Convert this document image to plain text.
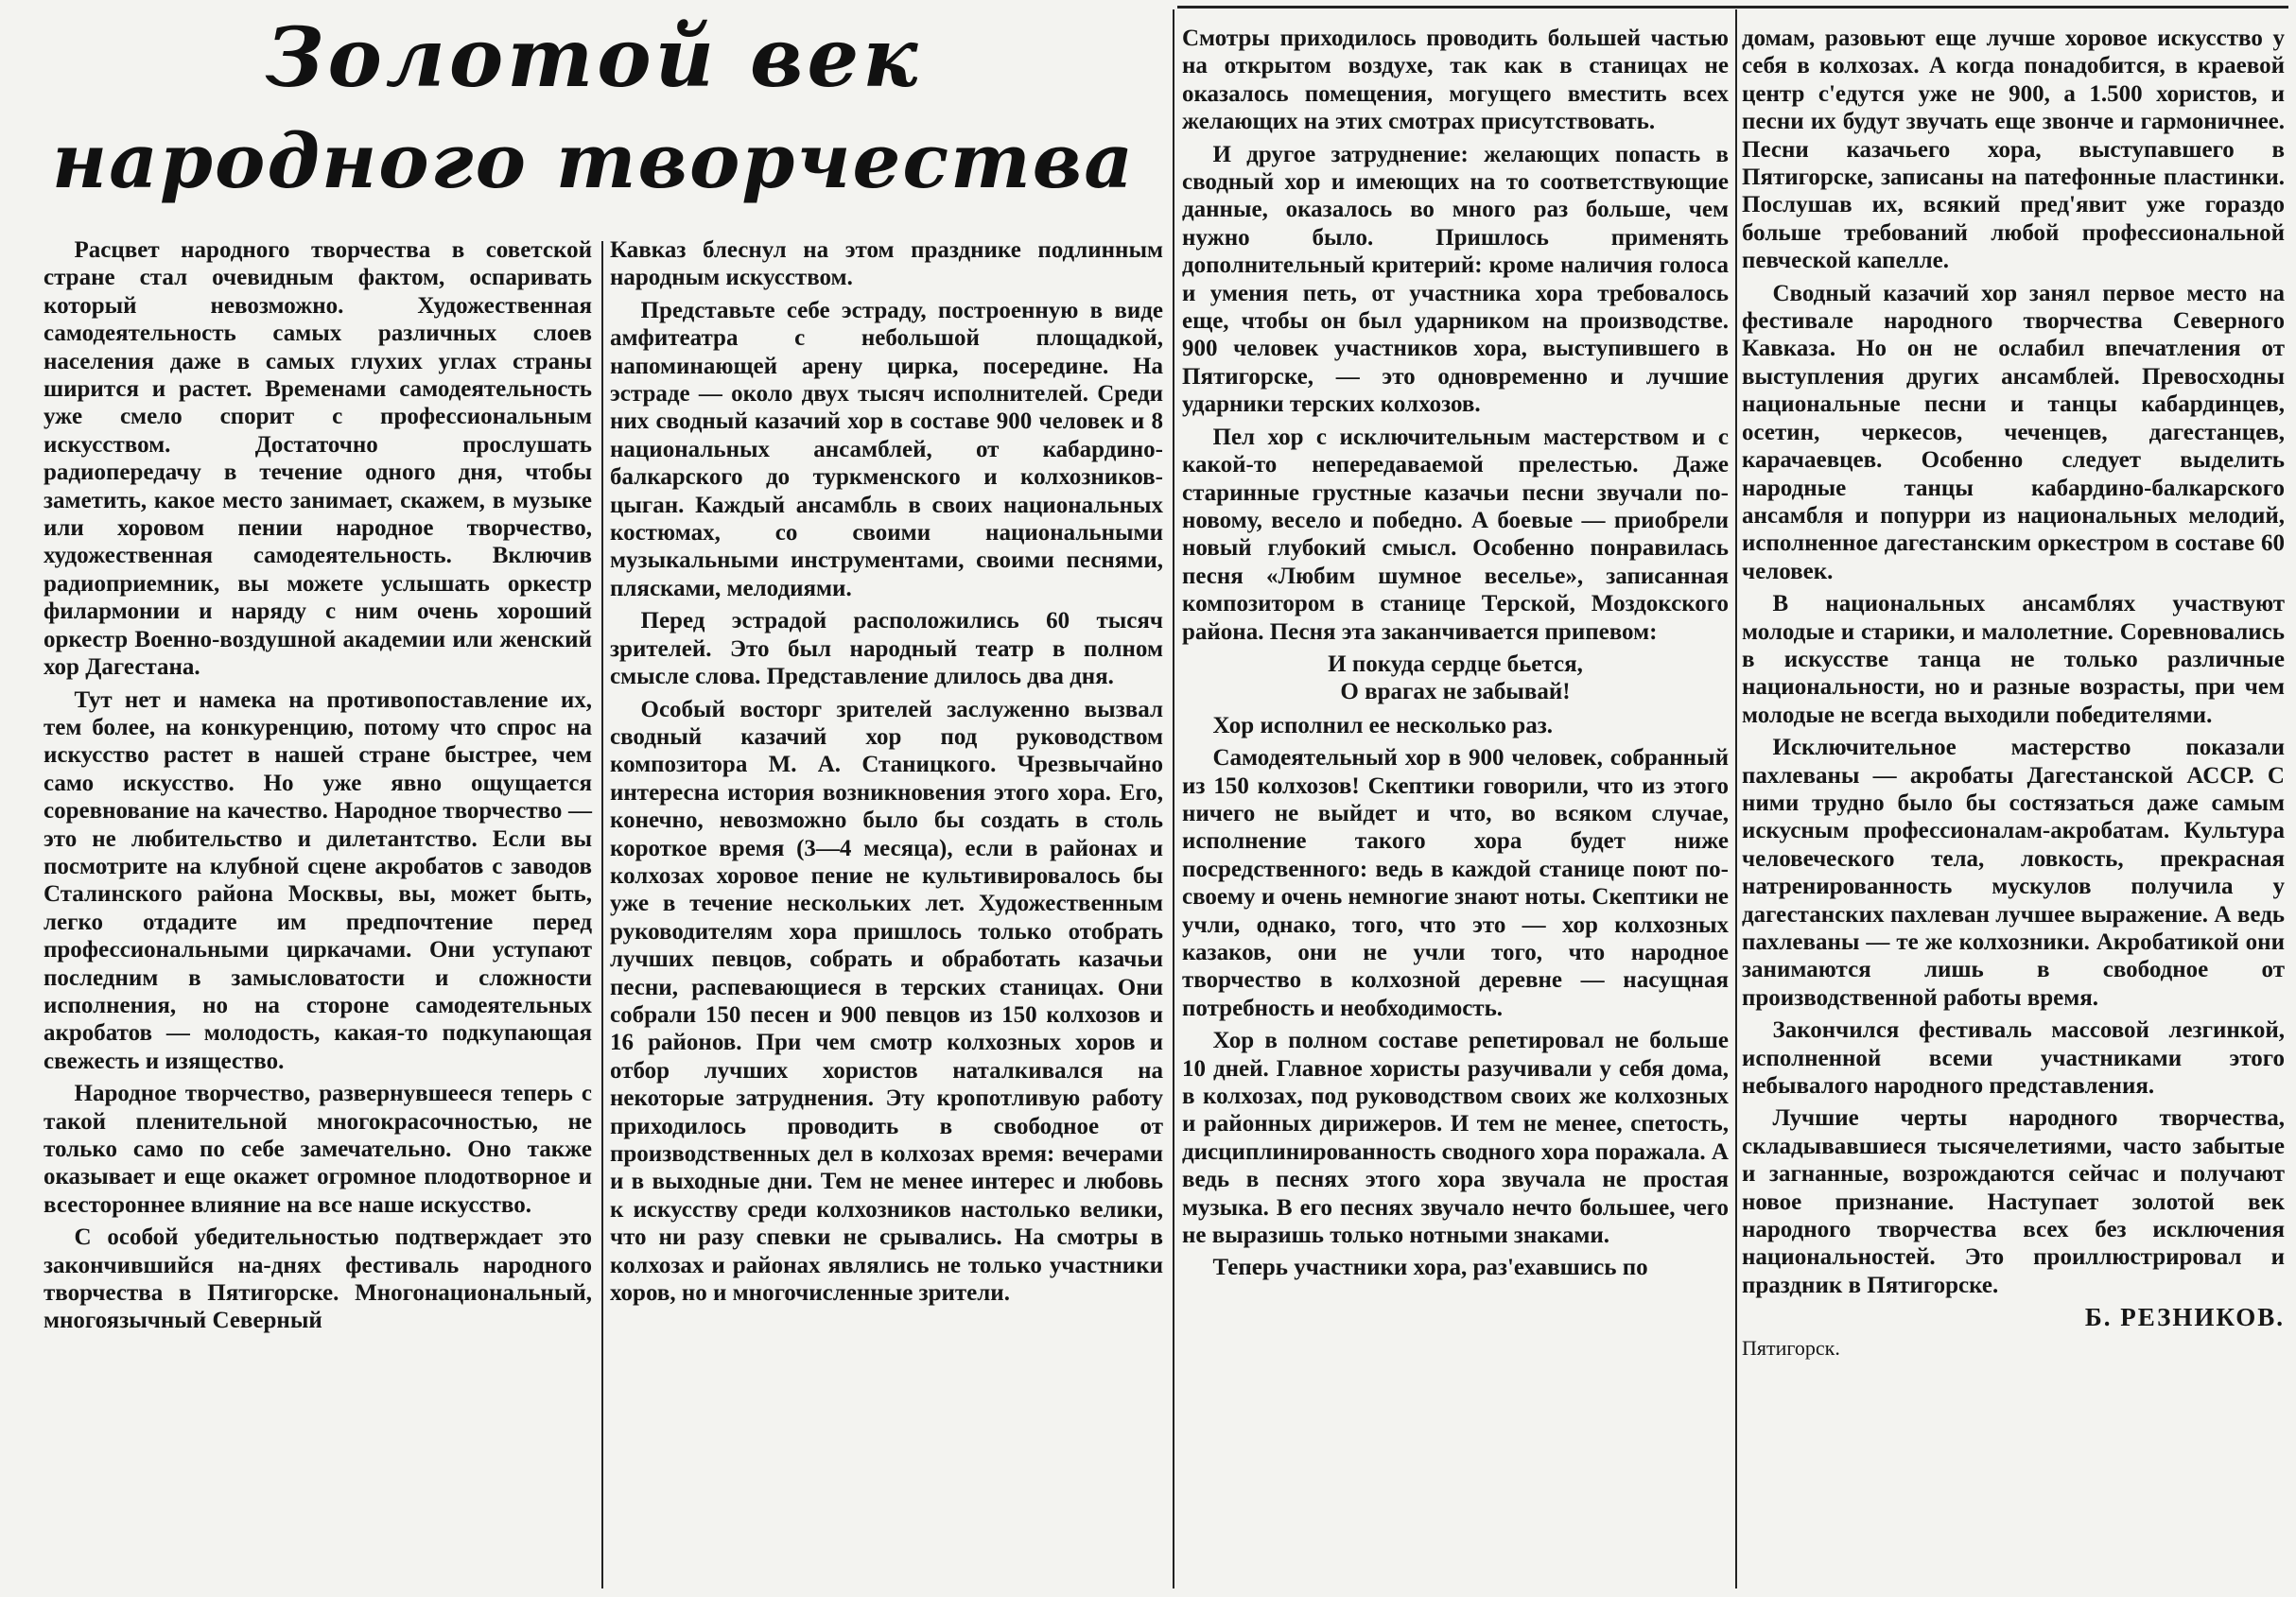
Золотой век
народного творчества

Расцвет народного творчества в советской стране стал очевидным фактом, оспаривать который невозможно. Художественная самодеятельность самых различных слоев населения даже в самых глухих углах страны ширится и растет. Временами самодеятельность уже смело спорит с профессиональным искусством. Достаточно прослушать радиопередачу в течение одного дня, чтобы заметить, какое место занимает, скажем, в музыке или хоровом пении народное творчество, художественная самодеятельность. Включив радиоприемник, вы можете услышать оркестр филармонии и наряду с ним очень хороший оркестр Военно-воздушной академии или женский хор Дагестана.

Тут нет и намека на противопоставление их, тем более, на конкуренцию, потому что спрос на искусство растет в нашей стране быстрее, чем само искусство. Но уже явно ощущается соревнование на качество. Народное творчество — это не любительство и дилетантство. Если вы посмотрите на клубной сцене акробатов с заводов Сталинского района Москвы, вы, может быть, легко отдадите им предпочтение перед профессиональными циркачами. Они уступают последним в замысловатости и сложности исполнения, но на стороне самодеятельных акробатов — молодость, какая-то подкупающая свежесть и изящество.

Народное творчество, развернувшееся теперь с такой пленительной многокрасочностью, не только само по себе замечательно. Оно также оказывает и еще окажет огромное плодотворное и всестороннее влияние на все наше искусство.

С особой убедительностью подтверждает это закончившийся на-днях фестиваль народного творчества в Пятигорске. Многонациональный, многоязычный Северный

Кавказ блеснул на этом празднике подлинным народным искусством.

Представьте себе эстраду, построенную в виде амфитеатра с небольшой площадкой, напоминающей арену цирка, посередине. На эстраде — около двух тысяч исполнителей. Среди них сводный казачий хор в составе 900 человек и 8 национальных ансамблей, от кабардино-балкарского до туркменского и колхозников-цыган. Каждый ансамбль в своих национальных костюмах, со своими национальными музыкальными инструментами, своими песнями, плясками, мелодиями.

Перед эстрадой расположились 60 тысяч зрителей. Это был народный театр в полном смысле слова. Представление длилось два дня.

Особый восторг зрителей заслуженно вызвал сводный казачий хор под руководством композитора М. А. Станицкого. Чрезвычайно интересна история возникновения этого хора. Его, конечно, невозможно было бы создать в столь короткое время (3—4 месяца), если в районах и колхозах хоровое пение не культивировалось бы уже в течение нескольких лет. Художественным руководителям хора пришлось только отобрать лучших певцов, собрать и обработать казачьи песни, распевающиеся в терских станицах. Они собрали 150 песен и 900 певцов из 150 колхозов и 16 районов. При чем смотр колхозных хоров и отбор лучших хористов наталкивался на некоторые затруднения. Эту кропотливую работу приходилось проводить в свободное от производственных дел в колхозах время: вечерами и в выходные дни. Тем не менее интерес и любовь к искусству среди колхозников настолько велики, что ни разу спевки не срывались. На смотры в колхозах и районах являлись не только участники хоров, но и многочисленные зрители.

Смотры приходилось проводить большей частью на открытом воздухе, так как в станицах не оказалось помещения, могущего вместить всех желающих на этих смотрах присутствовать.

И другое затруднение: желающих попасть в сводный хор и имеющих на то соответствующие данные, оказалось во много раз больше, чем нужно было. Пришлось применять дополнительный критерий: кроме наличия голоса и умения петь, от участника хора требовалось еще, чтобы он был ударником на производстве. 900 человек участников хора, выступившего в Пятигорске, — это одновременно и лучшие ударники терских колхозов.

Пел хор с исключительным мастерством и с какой-то непередаваемой прелестью. Даже старинные грустные казачьи песни звучали по-новому, весело и победно. А боевые — приобрели новый глубокий смысл. Особенно понравилась песня «Любим шумное веселье», записанная композитором в станице Терской, Моздокского района. Песня эта заканчивается припевом:

И покуда сердце бьется,
О врагах не забывай!

Хор исполнил ее несколько раз.

Самодеятельный хор в 900 человек, собранный из 150 колхозов! Скептики говорили, что из этого ничего не выйдет и что, во всяком случае, исполнение такого хора будет ниже посредственного: ведь в каждой станице поют по-своему и очень немногие знают ноты. Скептики не учли, однако, того, что это — хор колхозных казаков, они не учли того, что народное творчество в колхозной деревне — насущная потребность и необходимость.

Хор в полном составе репетировал не больше 10 дней. Главное хористы разучивали у себя дома, в колхозах, под руководством своих же колхозных и районных дирижеров. И тем не менее, спетость, дисциплинированность сводного хора поражала. А ведь в песнях этого хора звучала не простая музыка. В его песнях звучало нечто большее, чего не выразишь только нотными знаками.

Теперь участники хора, раз'ехавшись по

домам, разовьют еще лучше хоровое искусство у себя в колхозах. А когда понадобится, в краевой центр с'едутся уже не 900, а 1.500 хористов, и песни их будут звучать еще звонче и гармоничнее. Песни казачьего хора, выступавшего в Пятигорске, записаны на патефонные пластинки. Послушав их, всякий пред'явит уже гораздо больше требований любой профессиональной певческой капелле.

Сводный казачий хор занял первое место на фестивале народного творчества Северного Кавказа. Но он не ослабил впечатления от выступления других ансамблей. Превосходны национальные песни и танцы кабардинцев, осетин, черкесов, чеченцев, дагестанцев, карачаевцев. Особенно следует выделить народные танцы кабардино-балкарского ансамбля и попурри из национальных мелодий, исполненное дагестанским оркестром в составе 60 человек.

В национальных ансамблях участвуют молодые и старики, и малолетние. Соревновались в искусстве танца не только различные национальности, но и разные возрасты, при чем молодые не всегда выходили победителями.

Исключительное мастерство показали пахлеваны — акробаты Дагестанской АССР. С ними трудно было бы состязаться даже самым искусным профессионалам-акробатам. Культура человеческого тела, ловкость, прекрасная натренированность мускулов получила у дагестанских пахлеван лучшее выражение. А ведь пахлеваны — те же колхозники. Акробатикой они занимаются лишь в свободное от производственной работы время.

Закончился фестиваль массовой лезгинкой, исполненной всеми участниками этого небывалого народного представления.

Лучшие черты народного творчества, складывавшиеся тысячелетиями, часто забытые и загнанные, возрождаются сейчас и получают новое признание. Наступает золотой век народного творчества всех без исключения национальностей. Это проиллюстрировал и праздник в Пятигорске.

Б. РЕЗНИКОВ.
Пятигорск.
